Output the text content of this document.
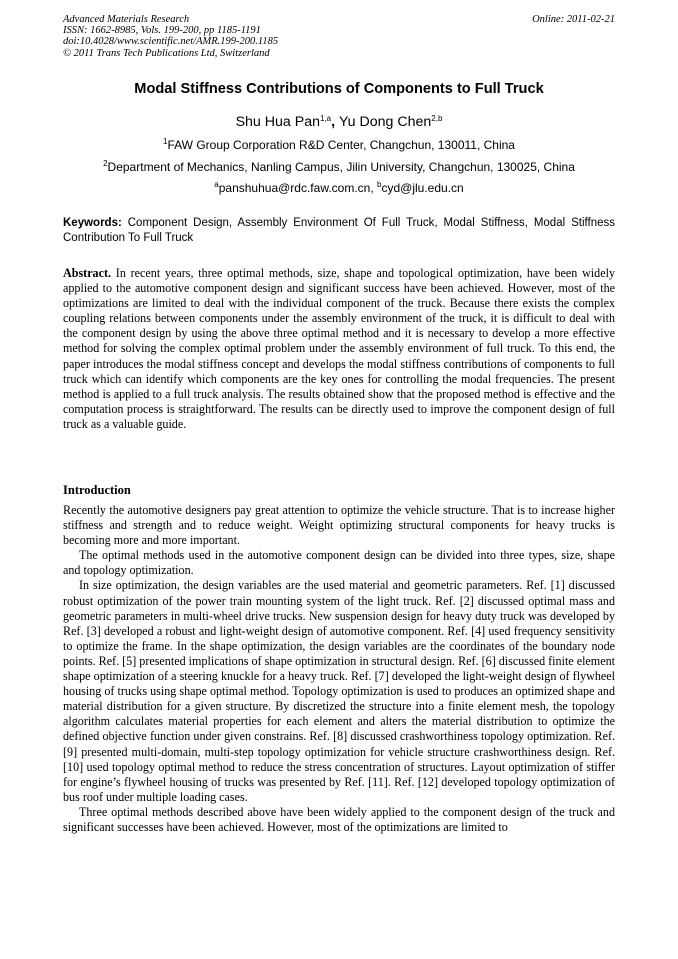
Advanced Materials Research
ISSN: 1662-8985, Vols. 199-200, pp 1185-1191
doi:10.4028/www.scientific.net/AMR.199-200.1185
© 2011 Trans Tech Publications Ltd, Switzerland
Online: 2011-02-21
Modal Stiffness Contributions of Components to Full Truck
Shu Hua Pan$^{1,a}$, Yu Dong Chen$^{2,b}$
$^1$FAW Group Corporation R&D Center, Changchun, 130011, China
$^2$Department of Mechanics, Nanling Campus, Jilin University, Changchun, 130025, China
$^a$panshuhua@rdc.faw.com.cn, $^b$cyd@jlu.edu.cn
Keywords: Component Design, Assembly Environment Of Full Truck, Modal Stiffness, Modal Stiffness Contribution To Full Truck
Abstract. In recent years, three optimal methods, size, shape and topological optimization, have been widely applied to the automotive component design and significant success have been achieved. However, most of the optimizations are limited to deal with the individual component of the truck. Because there exists the complex coupling relations between components under the assembly environment of the truck, it is difficult to deal with the component design by using the above three optimal method and it is necessary to develop a more effective method for solving the complex optimal problem under the assembly environment of full truck. To this end, the paper introduces the modal stiffness concept and develops the modal stiffness contributions of components to full truck which can identify which components are the key ones for controlling the modal frequencies. The present method is applied to a full truck analysis. The results obtained show that the proposed method is effective and the computation process is straightforward. The results can be directly used to improve the component design of full truck as a valuable guide.
Introduction

Recently the automotive designers pay great attention to optimize the vehicle structure. That is to increase higher stiffness and strength and to reduce weight. Weight optimizing structural components for heavy trucks is becoming more and more important.

The optimal methods used in the automotive component design can be divided into three types, size, shape and topology optimization.

In size optimization, the design variables are the used material and geometric parameters. Ref. [1] discussed robust optimization of the power train mounting system of the light truck. Ref. [2] discussed optimal mass and geometric parameters in multi-wheel drive trucks. New suspension design for heavy duty truck was developed by Ref. [3] developed a robust and light-weight design of automotive component. Ref. [4] used frequency sensitivity to optimize the frame. In the shape optimization, the design variables are the coordinates of the boundary node points. Ref. [5] presented implications of shape optimization in structural design. Ref. [6] discussed finite element shape optimization of a steering knuckle for a heavy truck. Ref. [7] developed the light-weight design of flywheel housing of trucks using shape optimal method. Topology optimization is used to produces an optimized shape and material distribution for a given structure. By discretized the structure into a finite element mesh, the topology algorithm calculates material properties for each element and alters the material distribution to optimize the defined objective function under given constrains. Ref. [8] discussed crashworthiness topology optimization. Ref. [9] presented multi-domain, multi-step topology optimization for vehicle structure crashworthiness design. Ref. [10] used topology optimal method to reduce the stress concentration of structures. Layout optimization of stiffer for engine’s flywheel housing of trucks was presented by Ref. [11]. Ref. [12] developed topology optimization of bus roof under multiple loading cases.

Three optimal methods described above have been widely applied to the component design of the truck and significant successes have been achieved. However, most of the optimizations are limited to
